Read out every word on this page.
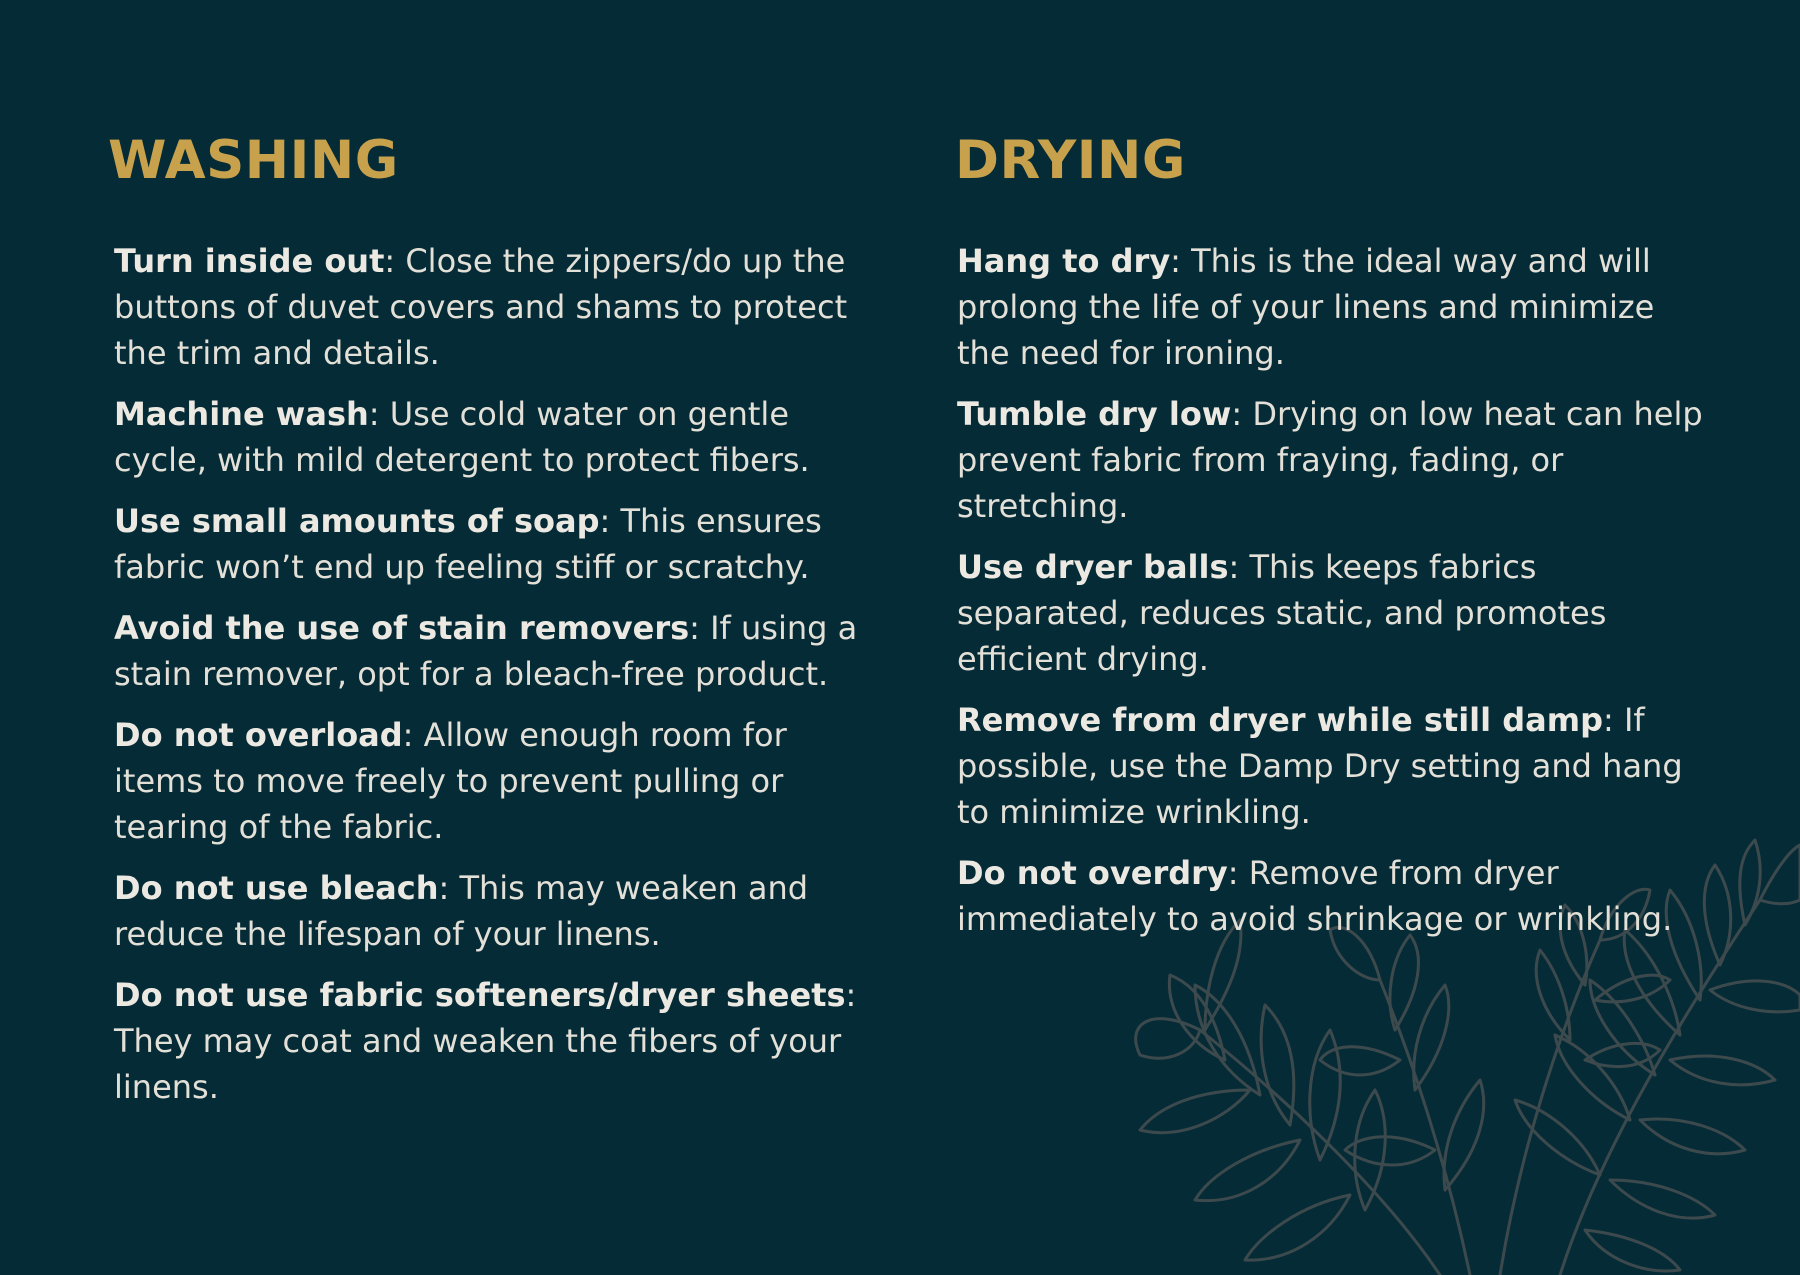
WASHING

Turn inside out: Close the zippers/do up the buttons of duvet covers and shams to protect the trim and details.

Machine wash: Use cold water on gentle cycle, with mild detergent to protect fibers.

Use small amounts of soap: This ensures fabric won’t end up feeling stiff or scratchy.

Avoid the use of stain removers: If using a stain remover, opt for a bleach-free product.

Do not overload: Allow enough room for items to move freely to prevent pulling or tearing of the fabric.

Do not use bleach: This may weaken and reduce the lifespan of your linens.

Do not use fabric softeners/dryer sheets: They may coat and weaken the fibers of your linens.

DRYING

Hang to dry: This is the ideal way and will prolong the life of your linens and minimize the need for ironing.

Tumble dry low: Drying on low heat can help prevent fabric from fraying, fading, or stretching.

Use dryer balls: This keeps fabrics separated, reduces static, and promotes efficient drying.

Remove from dryer while still damp: If possible, use the Damp Dry setting and hang to minimize wrinkling.

Do not overdry: Remove from dryer immediately to avoid shrinkage or wrinkling.
